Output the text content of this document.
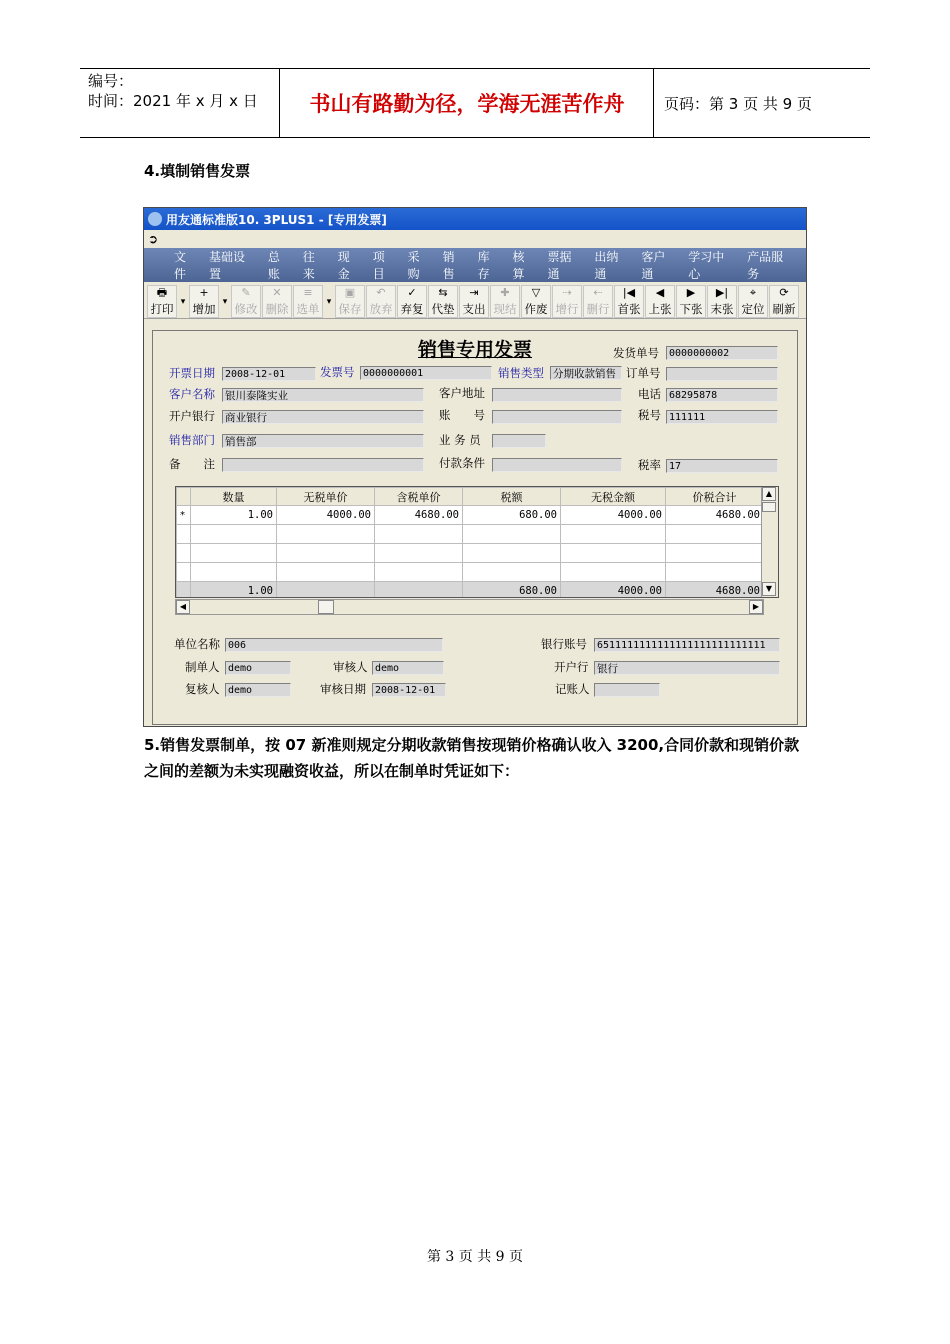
编号：
时间：2021 年 x 月 x 日	书山有路勤为径，学海无涯苦作舟	页码：第 3 页 共 9 页
4.填制销售发票
用友通标准版10. 3PLUS1 - [专用发票]
➲
文件
基础设置
总账
往来
现金
项目
采购
销售
库存
核算
票据通
出纳通
客户通
学习中心
产品服务
🖶
打印
▾
+
增加
▾
✎
修改
✕
删除
≡
选单
▾
▣
保存
↶
放弃
✓
弃复
⇆
代垫
⇥
支出
✚
现结
▽
作废
⇢
增行
⇠
删行
|◀
首张
◀
上张
▶
下张
▶|
末张
⌖
定位
⟳
刷新
销售专用发票	发货单号	0000000002
开票日期	2008-12-01	发票号 0000000001	销售类型 分期收款销售 订单号
客户名称 银川泰隆实业	客户地址	电话 68295878
开户银行 商业银行	账　　号	税号 111111
销售部门 销售部	业 务 员
备　　注	付款条件	税率 17
	数量	无税单价	含税单价	税额	无税金额	价税合计
*	1.00	4000.00	4680.00	680.00	4000.00	4680.00

	1.00			680.00	4000.00	4680.00
▲
▼
◀	▶
单位名称 006	银行账号	6511111111111111111111111111
制单人 demo	审核人 demo	开户行 银行
复核人 demo	审核日期 2008-12-01	记账人
5.销售发票制单，按 07 新准则规定分期收款销售按现销价格确认收入 3200,合同价款和现销价款之间的差额为未实现融资收益，所以在制单时凭证如下：
第 3 页 共 9 页
